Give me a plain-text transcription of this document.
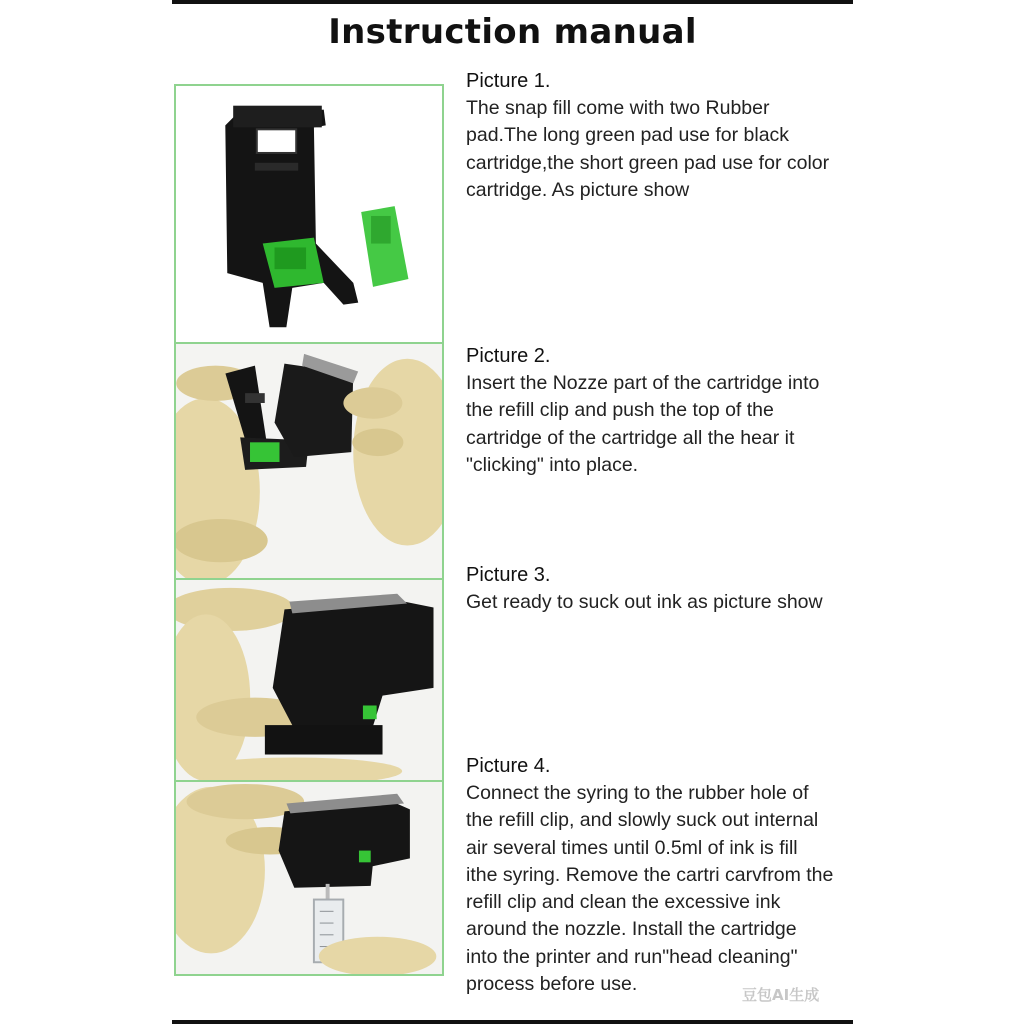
Instruction manual
Picture 1.
The snap fill come with two Rubber
pad.The long green pad use for black
cartridge,the short green pad use for color
cartridge. As picture show
Picture 2.
Insert the Nozze part of the cartridge into
the refill clip and push the top of the
cartridge of the cartridge all the hear it
"clicking" into place.
Picture 3.
Get ready to suck out ink as picture show
Picture 4.
Connect the syring to the rubber hole of
the refill clip, and slowly suck out internal
air several times until 0.5ml of ink is fill
ithe syring. Remove the cartri carvfrom the
refill clip and clean the excessive ink
around the nozzle. Install the cartridge
into the printer and run"head cleaning"
process before use.	豆包AI生成
